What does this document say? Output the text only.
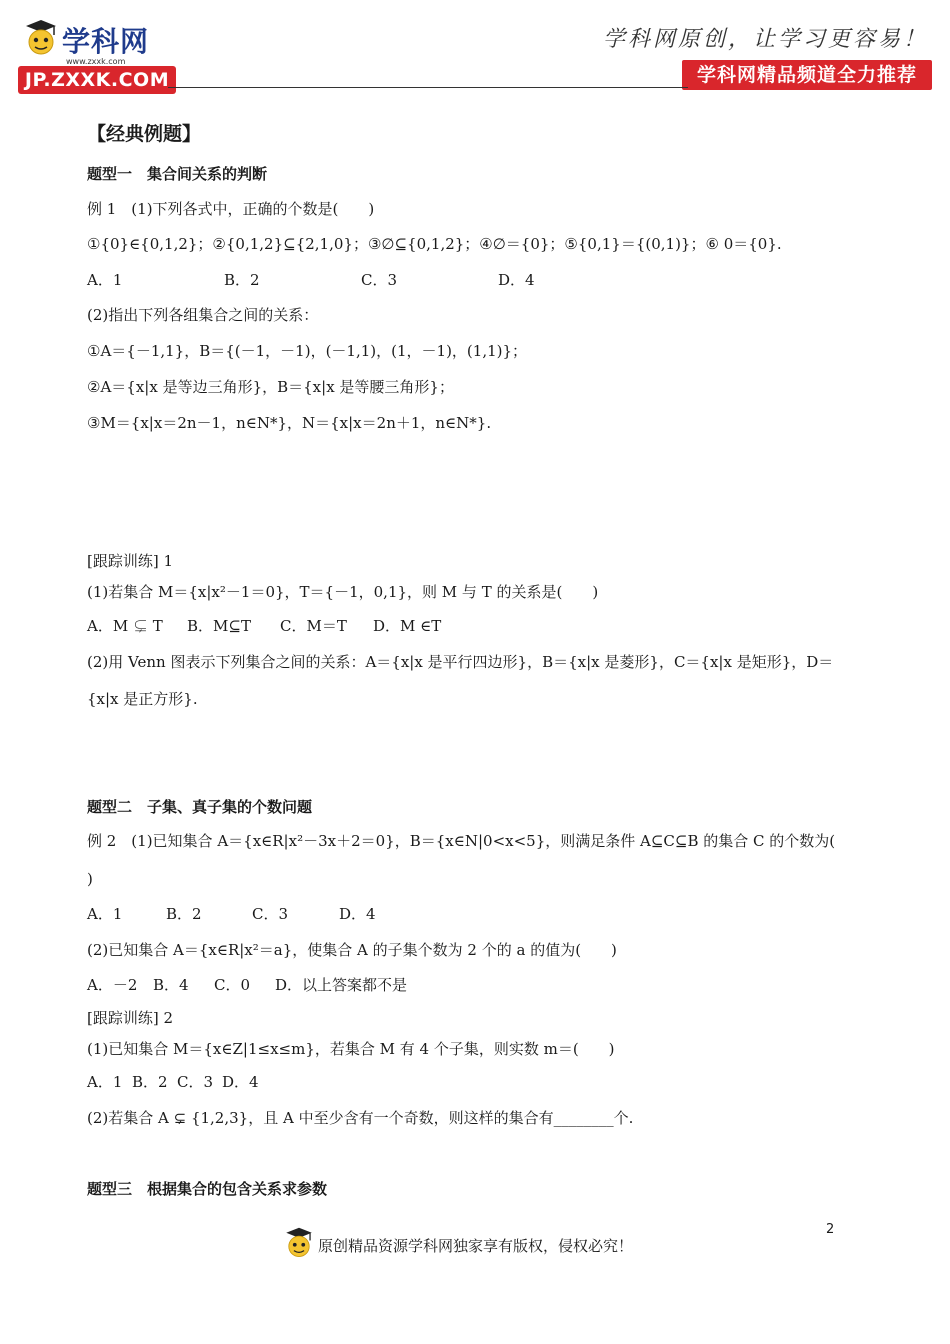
学科网
www.zxxk.com
JP.ZXXK.COM
学科网原创，让学习更容易！
学科网精品频道全力推荐
【经典例题】
题型一　集合间关系的判断
例 1　(1)下列各式中，正确的个数是(　　)
①{0}∈{0,1,2}；②{0,1,2}⊆{2,1,0}；③∅⊆{0,1,2}；④∅＝{0}；⑤{0,1}＝{(0,1)}；⑥ 0＝{0}.
A．1	B．2	C．3	D．4
(2)指出下列各组集合之间的关系：
①A＝{－1,1}，B＝{(－1，－1)，(－1,1)，(1，－1)，(1,1)}；
②A＝{x|x 是等边三角形}，B＝{x|x 是等腰三角形}；
③M＝{x|x＝2n－1，n∈N*}，N＝{x|x＝2n＋1，n∈N*}.
[跟踪训练] 1
(1)若集合 M＝{x|x²－1＝0}，T＝{－1，0,1}，则 M 与 T 的关系是(　　)
A．M ⊊ T B．M⊆T C．M＝T D．M ∈T
(2)用 Venn 图表示下列集合之间的关系：A＝{x|x 是平行四边形}，B＝{x|x 是菱形}，C＝{x|x 是矩形}，D＝
{x|x 是正方形}.
题型二　子集、真子集的个数问题
例 2　(1)已知集合 A＝{x∈R|x²－3x＋2＝0}，B＝{x∈N|0<x<5}，则满足条件 A⊆C⊆B 的集合 C 的个数为(
)
A．1	B．2	C．3	D．4
(2)已知集合 A＝{x∈R|x²＝a}，使集合 A 的子集个数为 2 个的 a 的值为(　　)
A．－2 B．4 C．0 D．以上答案都不是
[跟踪训练] 2
(1)已知集合 M＝{x∈Z|1≤x≤m}，若集合 M 有 4 个子集，则实数 m＝(　　)
A．1 B．2 C．3 D．4
(2)若集合 A ⊊ {1,2,3}，且 A 中至少含有一个奇数，则这样的集合有________个.
题型三　根据集合的包含关系求参数
2
原创精品资源学科网独家享有版权，侵权必究！
